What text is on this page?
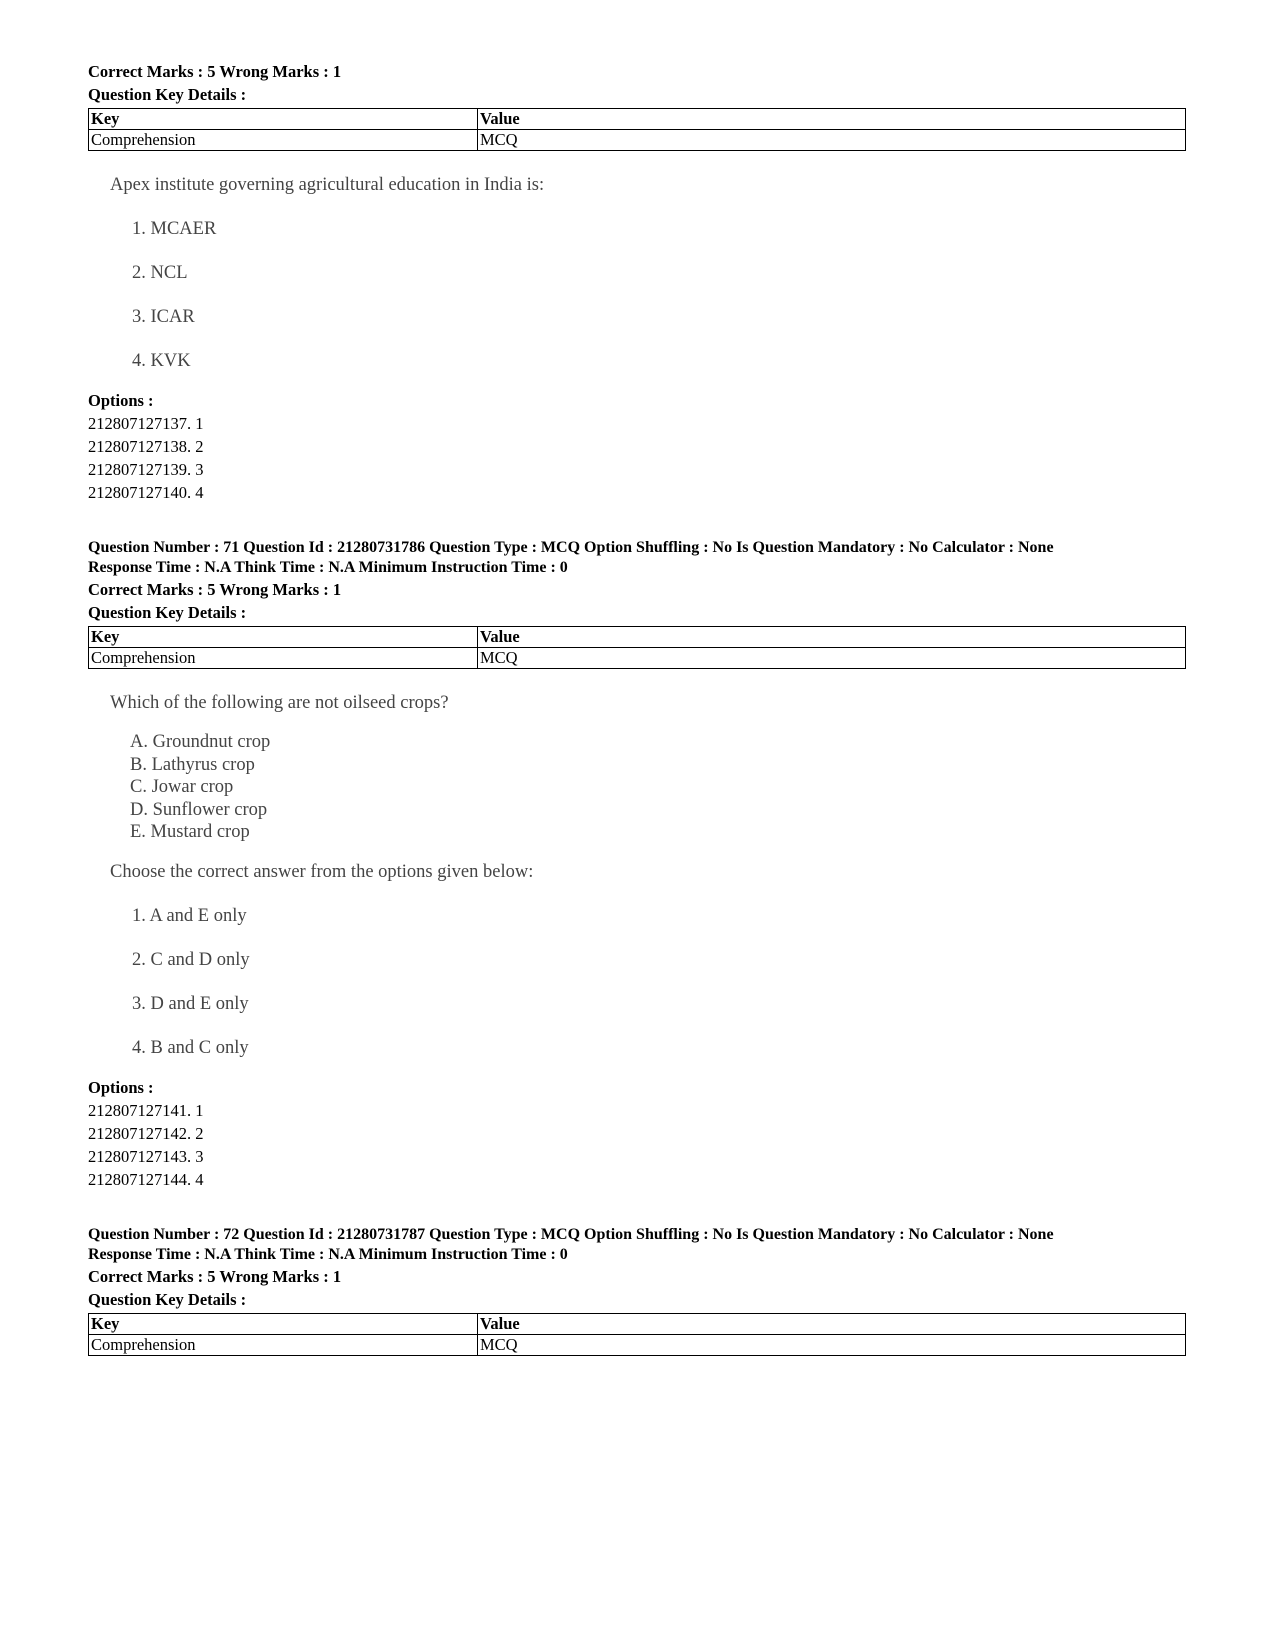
Correct Marks : 5 Wrong Marks : 1
Question Key Details :
Key	Value
Comprehension	MCQ
Apex institute governing agricultural education in India is:
1. MCAER
2. NCL
3. ICAR
4. KVK
Options :
212807127137. 1
212807127138. 2
212807127139. 3
212807127140. 4
Question Number : 71 Question Id : 21280731786 Question Type : MCQ Option Shuffling : No Is Question Mandatory : No Calculator : None
Response Time : N.A Think Time : N.A Minimum Instruction Time : 0
Correct Marks : 5 Wrong Marks : 1
Question Key Details :
Key	Value
Comprehension	MCQ
Which of the following are not oilseed crops?
A. Groundnut crop
B. Lathyrus crop
C. Jowar crop
D. Sunflower crop
E. Mustard crop
Choose the correct answer from the options given below:
1. A and E only
2. C and D only
3. D and E only
4. B and C only
Options :
212807127141. 1
212807127142. 2
212807127143. 3
212807127144. 4
Question Number : 72 Question Id : 21280731787 Question Type : MCQ Option Shuffling : No Is Question Mandatory : No Calculator : None
Response Time : N.A Think Time : N.A Minimum Instruction Time : 0
Correct Marks : 5 Wrong Marks : 1
Question Key Details :
Key	Value
Comprehension	MCQ
